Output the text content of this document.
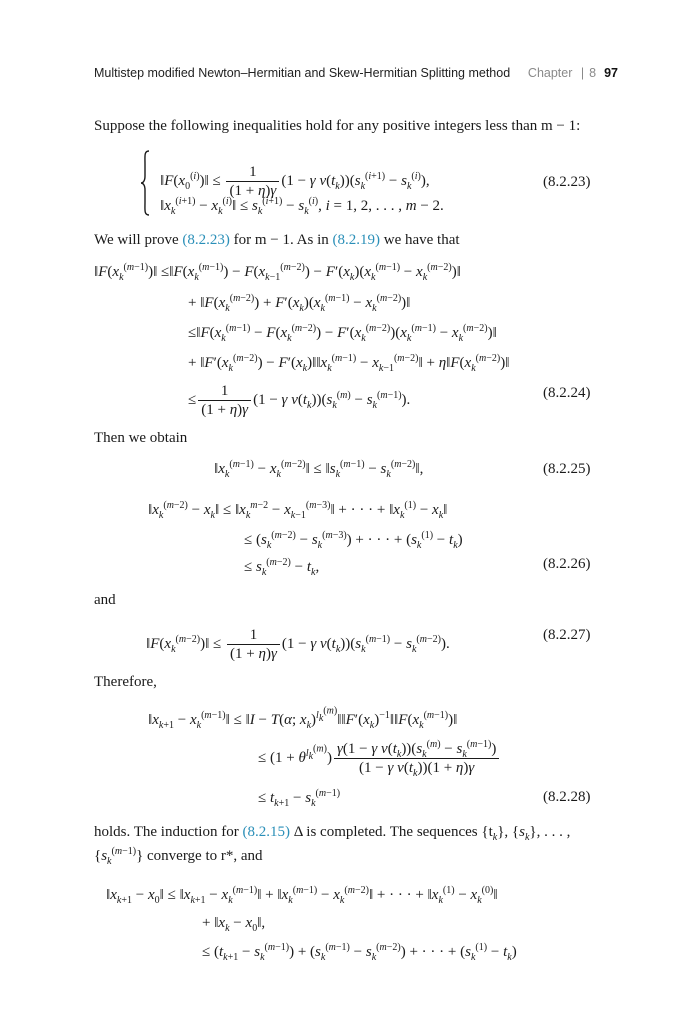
Multistep modified Newton–Hermitian and Skew-Hermitian Splitting method Chapter | 8 97
Suppose the following inequalities hold for any positive integers less than m − 1:
$‖F(x_0^{(i)})‖ \le \frac{1}{(1 + \eta)\gamma} (1 - \gamma$ $v(t_k))(s_k^{(i+1)} - s_k^{(i)})$,
$‖x_k^{(i+1)}$ − $x_k^{(i)}‖ \le s_k^{(i+1)} - s_k^{(i)}$, i = 1, 2, . . . , m − 2.
(8.2.23)
We will prove (8.2.23) for m − 1. As in (8.2.19) we have that
$‖F(x_k^{(m-1)})‖$ $\le‖F(x_k^{(m-1)}) - F(x_{k-1}^{(m-2)}) - F'(x_k)(x_k^{(m-1)}$ − $x_k^{(m-2)})‖$
+ $‖F(x_k^{(m-2)}) + F'(x_k)(x_k^{(m-1)}$ − $x_k^{(m-2)})‖$
$\le‖F(x_k^{(m-1)} - F(x_k^{(m-2)}) - F'(x_k^{(m-2)})(x_k^{(m-1)}$ − $x_k^{(m-2)})‖$
+ $‖F'(x_k^{(m-2)})$ − $F'(x_k)‖‖x_k^{(m-1)}$ − $x_{k-1}^{(m-2)}‖$ + $\eta‖F(x_k^{(m-2)})‖$
≤ $\frac{1}{(1 + \eta)\gamma} (1 - \gamma$ $v(t_k))(s_k^{(m)} - s_k^{(m-1)})$.	(8.2.24)
Then we obtain
$‖x_k^{(m-1)}$ − $x_k^{(m-2)}‖$ ≤ $‖s_k^{(m-1)}$ − $s_k^{(m-2)}‖$,	(8.2.25)
$‖x_k^{(m-2)}$ − $x_k‖$ ≤ $‖x_k^{m-2}$ − $x_{k-1}^{(m-3)}‖$ + · · · + $‖x_k^{(1)}$ − $x_k‖$
≤ $(s_k^{(m-2)} - s_k^{(m-3)})$ + · · · + $(s_k^{(1)} - t_k)$
≤ $s_k^{(m-2)} - t_k$,	(8.2.26)
and
$‖F(x_k^{(m-2)})‖ \le \frac{1}{(1 + \eta)\gamma} (1 - \gamma$ $v(t_k))(s_k^{(m-1)} - s_k^{(m-2)})$.
(8.2.27)
Therefore,
$‖x_{k+1}$ − $x_k^{(m-1)}‖$ ≤ ‖I − T(α; $x_k)^{l_k^{(m)}}‖‖F'(x_k)^{-1}‖‖F(x_k^{(m-1)})‖$
≤ $(1 + \theta^{l_k^{(m)}}) \frac{\gamma(1 - \gamma v(t_k))(s_k^{(m)} - s_k^{(m-1)})}{(1 - \gamma v(t_k))(1 + \eta)\gamma}$
≤ $t_{k+1} - s_k^{(m-1)}$	(8.2.28)
holds. The induction for (8.2.15) Δ is completed. The sequences $\{t_k\}$, $\{s_k\}$, . . . ,
$\{s_k^{(m-1)}\}$ converge to r*, and
$‖x_{k+1}$ − $x_0‖$ ≤ $‖x_{k+1}$ − $x_k^{(m-1)}‖$ + $‖x_k^{(m-1)}$ − $x_k^{(m-2)}‖$ + · · · + $‖x_k^{(1)}$ − $x_k^{(0)}‖$
+ $‖x_k$ − $x_0‖$,
≤ $(t_{k+1} - s_k^{(m-1)}) + (s_k^{(m-1)} - s_k^{(m-2)})$ + · · · + $(s_k^{(1)} - t_k)$
